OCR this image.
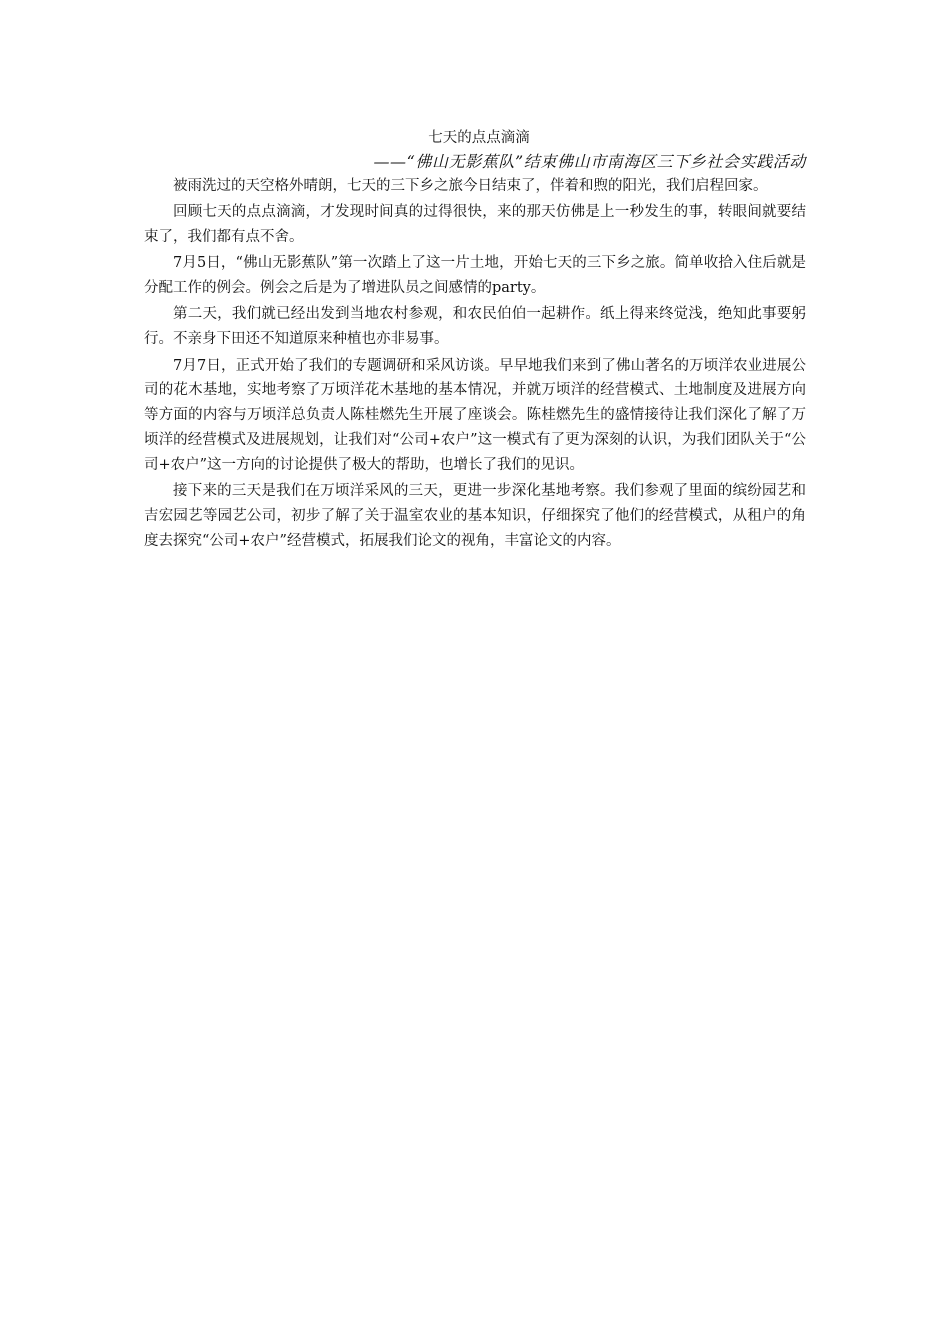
七天的点点滴滴

——“佛山无影蕉队”结束佛山市南海区三下乡社会实践活动

被雨洗过的天空格外晴朗，七天的三下乡之旅今日结束了，伴着和煦的阳光，我们启程回家。

回顾七天的点点滴滴，才发现时间真的过得很快，来的那天仿佛是上一秒发生的事，转眼间就要结束了，我们都有点不舍。

7月5日，“佛山无影蕉队”第一次踏上了这一片土地，开始七天的三下乡之旅。简单收拾入住后就是分配工作的例会。例会之后是为了增进队员之间感情的party。

第二天，我们就已经出发到当地农村参观，和农民伯伯一起耕作。纸上得来终觉浅，绝知此事要躬行。不亲身下田还不知道原来种植也亦非易事。

7月7日，正式开始了我们的专题调研和采风访谈。早早地我们来到了佛山著名的万顷洋农业进展公司的花木基地，实地考察了万顷洋花木基地的基本情况，并就万顷洋的经营模式、土地制度及进展方向等方面的内容与万顷洋总负责人陈桂燃先生开展了座谈会。陈桂燃先生的盛情接待让我们深化了解了万顷洋的经营模式及进展规划，让我们对“公司+农户”这一模式有了更为深刻的认识，为我们团队关于“公司+农户”这一方向的讨论提供了极大的帮助，也增长了我们的见识。

接下来的三天是我们在万顷洋采风的三天，更进一步深化基地考察。我们参观了里面的缤纷园艺和吉宏园艺等园艺公司，初步了解了关于温室农业的基本知识，仔细探究了他们的经营模式，从租户的角度去探究“公司+农户”经营模式，拓展我们论文的视角，丰富论文的内容。
